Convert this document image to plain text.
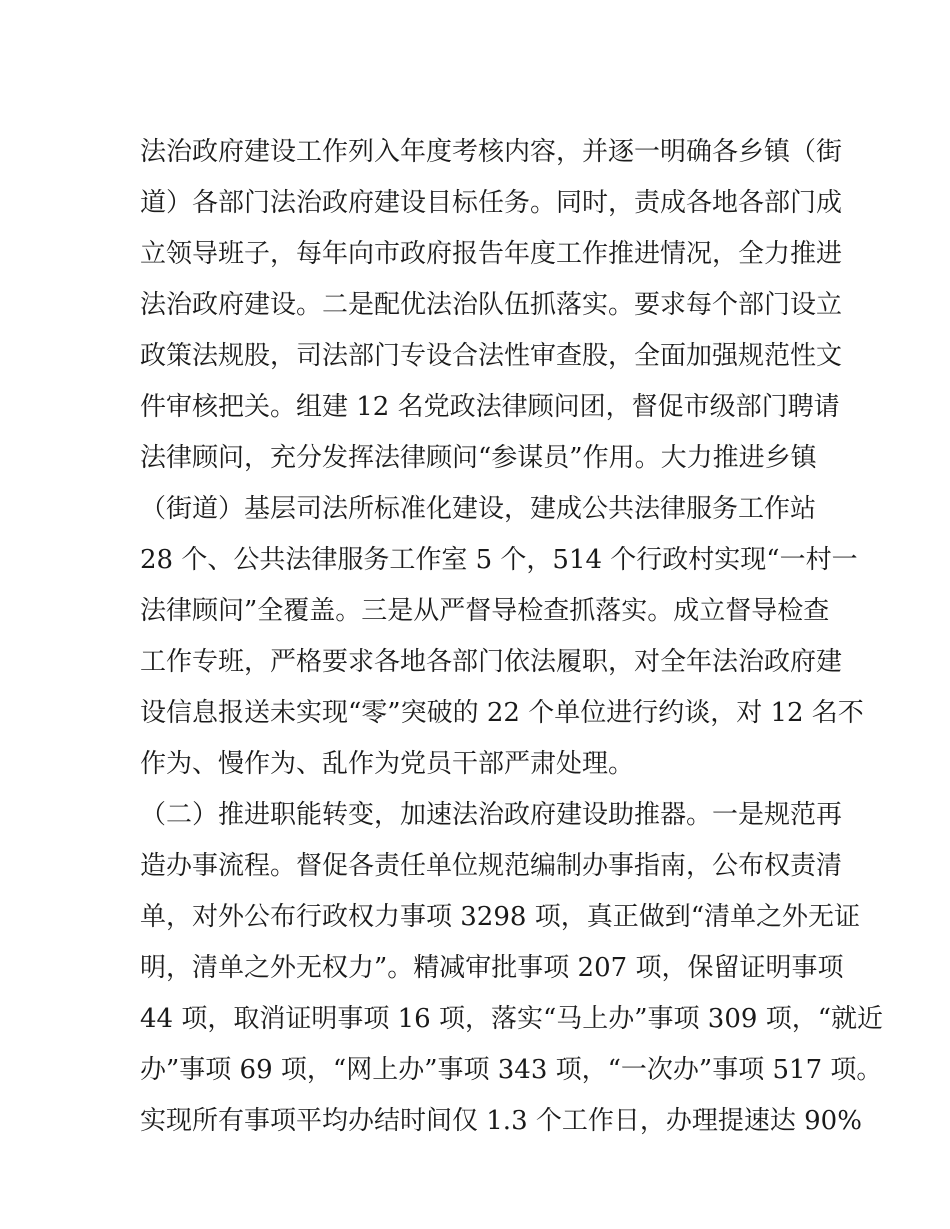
法治政府建设工作列入年度考核内容，并逐一明确各乡镇（街
道）各部门法治政府建设目标任务。同时，责成各地各部门成
立领导班子，每年向市政府报告年度工作推进情况，全力推进
法治政府建设。二是配优法治队伍抓落实。要求每个部门设立
政策法规股，司法部门专设合法性审查股，全面加强规范性文
件审核把关。组建 12 名党政法律顾问团，督促市级部门聘请
法律顾问，充分发挥法律顾问“参谋员”作用。大力推进乡镇
（街道）基层司法所标准化建设，建成公共法律服务工作站
28 个、公共法律服务工作室 5 个，514 个行政村实现“一村一
法律顾问”全覆盖。三是从严督导检查抓落实。成立督导检查
工作专班，严格要求各地各部门依法履职，对全年法治政府建
设信息报送未实现“零”突破的 22 个单位进行约谈，对 12 名不
作为、慢作为、乱作为党员干部严肃处理。
（二）推进职能转变，加速法治政府建设助推器。一是规范再
造办事流程。督促各责任单位规范编制办事指南，公布权责清
单，对外公布行政权力事项 3298 项，真正做到“清单之外无证
明，清单之外无权力”。精减审批事项 207 项，保留证明事项
44 项，取消证明事项 16 项，落实“马上办”事项 309 项，“就近
办”事项 69 项，“网上办”事项 343 项，“一次办”事项 517 项。
实现所有事项平均办结时间仅 1.3 个工作日，办理提速达 90%
